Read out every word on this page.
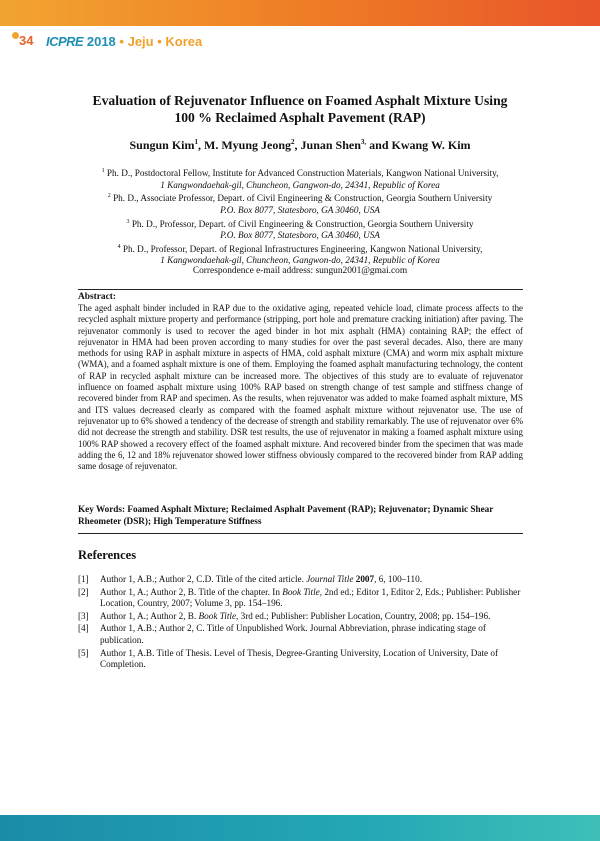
34 ICPRE 2018 • Jeju • Korea
Evaluation of Rejuvenator Influence on Foamed Asphalt Mixture Using
100 % Reclaimed Asphalt Pavement (RAP)
Sungun Kim$^1$, M. Myung Jeong$^2$, Junan Shen$^{3,}$ and Kwang W. Kim
$^1$ Ph. D., Postdoctoral Fellow, Institute for Advanced Construction Materials, Kangwon National University,
1 Kangwondaehak-gil, Chuncheon, Gangwon-do, 24341, Republic of Korea
$^2$ Ph. D., Associate Professor, Depart. of Civil Engineering & Construction, Georgia Southern University
P.O. Box 8077, Statesboro, GA 30460, USA
$^3$ Ph. D., Professor, Depart. of Civil Engineering & Construction, Georgia Southern University
P.O. Box 8077, Statesboro, GA 30460, USA
$^4$ Ph. D., Professor, Depart. of Regional Infrastructures Engineering, Kangwon National University,
1 Kangwondaehak-gil, Chuncheon, Gangwon-do, 24341, Republic of Korea
Correspondence e-mail address: sungun2001@gmai.com
Abstract:
The aged asphalt binder included in RAP due to the oxidative aging, repeated vehicle load, climate process affects to the recycled asphalt mixture property and performance (stripping, port hole and premature cracking initiation) after paving. The rejuvenator commonly is used to recover the aged binder in hot mix asphalt (HMA) containing RAP; the effect of rejuvenator in HMA had been proven according to many studies for over the past several decades. Also, there are many methods for using RAP in asphalt mixture in aspects of HMA, cold asphalt mixture (CMA) and worm mix asphalt mixture (WMA), and a foamed asphalt mixture is one of them. Employing the foamed asphalt manufacturing technology, the content of RAP in recycled asphalt mixture can be increased more. The objectives of this study are to evaluate of rejuvenator influence on foamed asphalt mixture using 100% RAP based on strength change of test sample and stiffness change of recovered binder from RAP and specimen. As the results, when rejuvenator was added to make foamed asphalt mixture, MS and ITS values decreased clearly as compared with the foamed asphalt mixture without rejuvenator use. The use of rejuvenator up to 6% showed a tendency of the decrease of strength and stability remarkably. The use of rejuvenator over 6% did not decrease the strength and stability. DSR test results, the use of rejuvenator in making a foamed asphalt mixture using 100% RAP showed a recovery effect of the foamed asphalt mixture. And recovered binder from the specimen that was made adding the 6, 12 and 18% rejuvenator showed lower stiffness obviously compared to the recovered binder from RAP adding same dosage of rejuvenator.
Key Words: Foamed Asphalt Mixture; Reclaimed Asphalt Pavement (RAP); Rejuvenator; Dynamic Shear Rheometer (DSR); High Temperature Stiffness
References
[1]	Author 1, A.B.; Author 2, C.D. Title of the cited article. Journal Title 2007, 6, 100–110.
[2]	Author 1, A.; Author 2, B. Title of the chapter. In Book Title, 2nd ed.; Editor 1, Editor 2, Eds.; Publisher: Publisher Location, Country, 2007; Volume 3, pp. 154–196.
[3]	Author 1, A.; Author 2, B. Book Title, 3rd ed.; Publisher: Publisher Location, Country, 2008; pp. 154–196.
[4]	Author 1, A.B.; Author 2, C. Title of Unpublished Work. Journal Abbreviation, phrase indicating stage of publication.
[5]	Author 1, A.B. Title of Thesis. Level of Thesis, Degree-Granting University, Location of University, Date of Completion.
